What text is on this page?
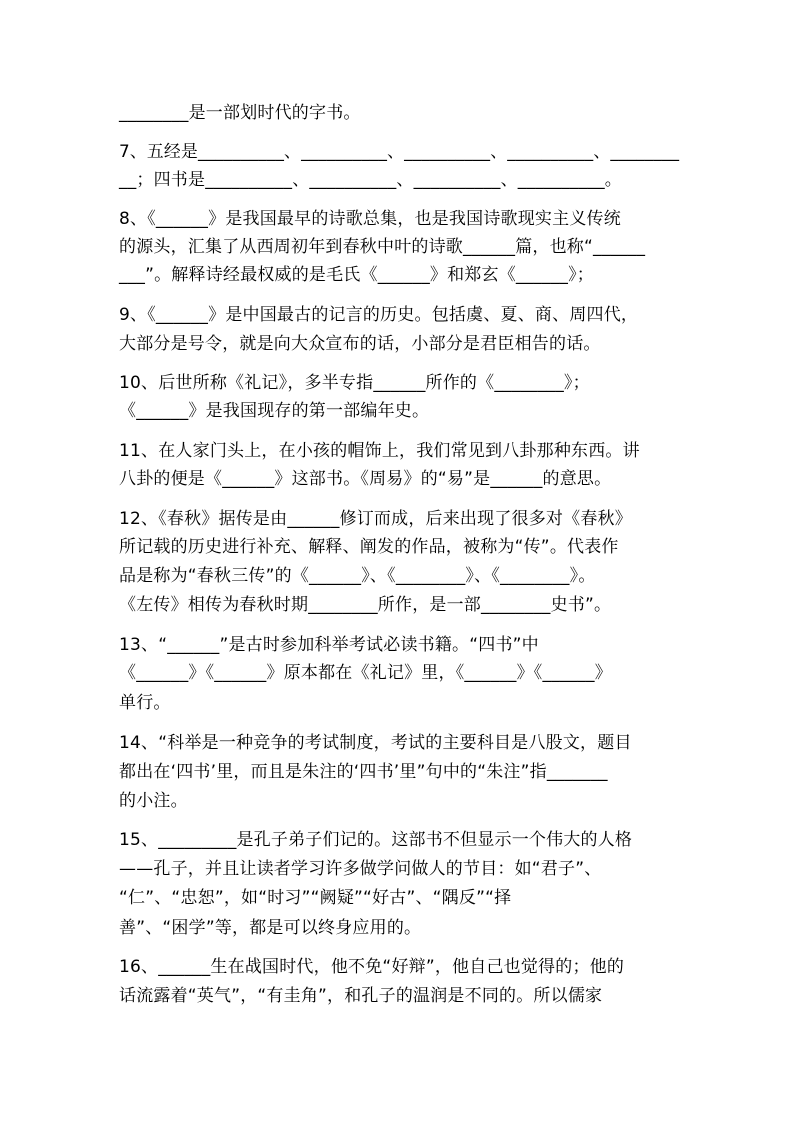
________是一部划时代的字书。
7、五经是__________、__________、__________、__________、________
__；四书是__________、__________、__________、__________。
8、《______》是我国最早的诗歌总集，也是我国诗歌现实主义传统
的源头，汇集了从西周初年到春秋中叶的诗歌______篇，也称“______
___”。解释诗经最权威的是毛氏《______》和郑玄《______》；
9、《______》是中国最古的记言的历史。包括虞、夏、商、周四代，
大部分是号令，就是向大众宣布的话，小部分是君臣相告的话。
10、后世所称《礼记》，多半专指______所作的《________》；
《______》是我国现存的第一部编年史。
11、在人家门头上，在小孩的帽饰上，我们常见到八卦那种东西。讲
八卦的便是《______》这部书。《周易》的“易”是______的意思。
12、《春秋》据传是由______修订而成，后来出现了很多对《春秋》
所记载的历史进行补充、解释、阐发的作品，被称为“传”。代表作
品是称为“春秋三传”的《______》、《________》、《________》。
《左传》相传为春秋时期________所作，是一部________史书”。
13、“______”是古时参加科举考试必读书籍。“四书”中
《______》《______》原本都在《礼记》里，《______》《______》
单行。
14、“科举是一种竞争的考试制度，考试的主要科目是八股文，题目
都出在‘四书’里，而且是朱注的‘四书’里”句中的“朱注”指_______
的小注。
15、_________是孔子弟子们记的。这部书不但显示一个伟大的人格
——孔子，并且让读者学习许多做学问做人的节目：如“君子”、
“仁”、“忠恕”，如“时习”“阙疑”“好古”、“隅反”“择
善”、“困学”等，都是可以终身应用的。
16、______生在战国时代，他不免“好辩”，他自己也觉得的；他的
话流露着“英气”，“有圭角”，和孔子的温润是不同的。所以儒家
